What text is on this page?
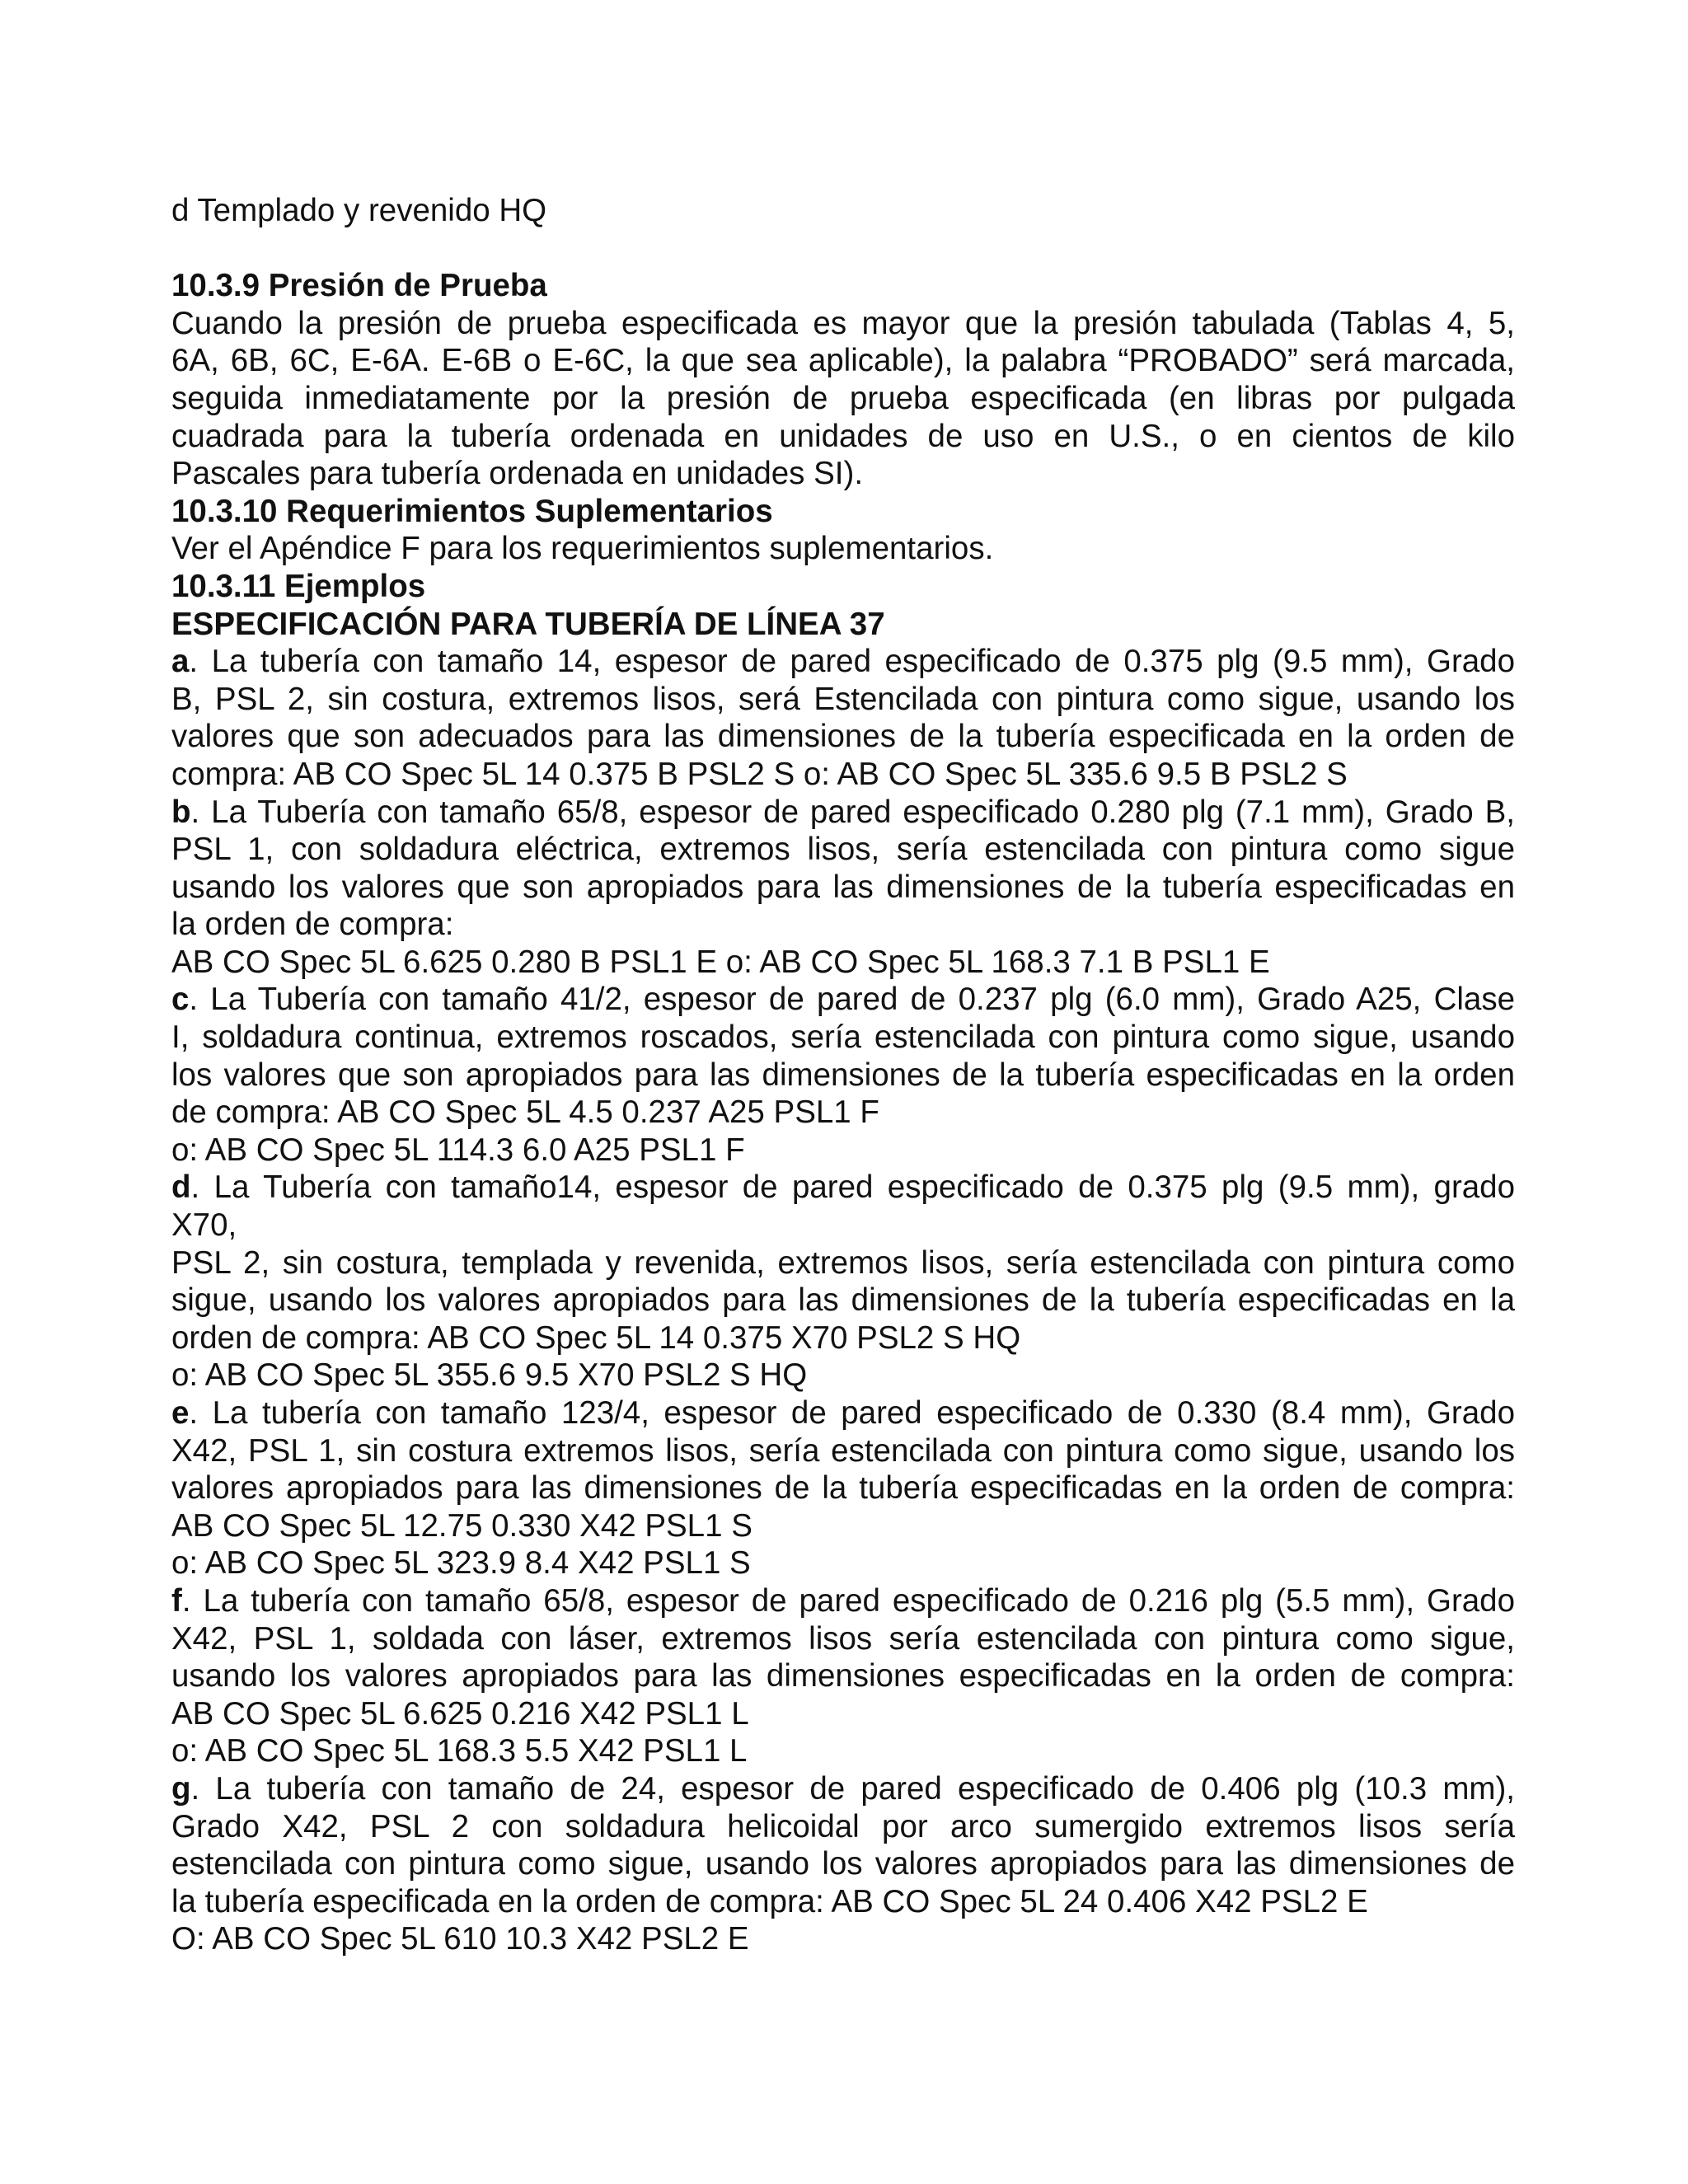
d Templado y revenido HQ
10.3.9 Presión de Prueba
Cuando la presión de prueba especificada es mayor que la presión tabulada (Tablas 4, 5,
6A, 6B, 6C, E-6A. E-6B o E-6C, la que sea aplicable), la palabra “PROBADO” será marcada,
seguida inmediatamente por la presión de prueba especificada (en libras por pulgada
cuadrada para la tubería ordenada en unidades de uso en U.S., o en cientos de kilo
Pascales para tubería ordenada en unidades SI).
10.3.10 Requerimientos Suplementarios
Ver el Apéndice F para los requerimientos suplementarios.
10.3.11 Ejemplos
ESPECIFICACIÓN PARA TUBERÍA DE LÍNEA 37
a. La tubería con tamaño 14, espesor de pared especificado de 0.375 plg (9.5 mm), Grado
B, PSL 2, sin costura, extremos lisos, será Estencilada con pintura como sigue, usando los
valores que son adecuados para las dimensiones de la tubería especificada en la orden de
compra: AB CO Spec 5L 14 0.375 B PSL2 S o: AB CO Spec 5L 335.6 9.5 B PSL2 S
b. La Tubería con tamaño 65/8, espesor de pared especificado 0.280 plg (7.1 mm), Grado B,
PSL 1, con soldadura eléctrica, extremos lisos, sería estencilada con pintura como sigue
usando los valores que son apropiados para las dimensiones de la tubería especificadas en
la orden de compra:
AB CO Spec 5L 6.625 0.280 B PSL1 E o: AB CO Spec 5L 168.3 7.1 B PSL1 E
c. La Tubería con tamaño 41/2, espesor de pared de 0.237 plg (6.0 mm), Grado A25, Clase
I, soldadura continua, extremos roscados, sería estencilada con pintura como sigue, usando
los valores que son apropiados para las dimensiones de la tubería especificadas en la orden
de compra: AB CO Spec 5L 4.5 0.237 A25 PSL1 F
o: AB CO Spec 5L 114.3 6.0 A25 PSL1 F
d. La Tubería con tamaño14, espesor de pared especificado de 0.375 plg (9.5 mm), grado
X70,
PSL 2, sin costura, templada y revenida, extremos lisos, sería estencilada con pintura como
sigue, usando los valores apropiados para las dimensiones de la tubería especificadas en la
orden de compra: AB CO Spec 5L 14 0.375 X70 PSL2 S HQ
o: AB CO Spec 5L 355.6 9.5 X70 PSL2 S HQ
e. La tubería con tamaño 123/4, espesor de pared especificado de 0.330 (8.4 mm), Grado
X42, PSL 1, sin costura extremos lisos, sería estencilada con pintura como sigue, usando los
valores apropiados para las dimensiones de la tubería especificadas en la orden de compra:
AB CO Spec 5L 12.75 0.330 X42 PSL1 S
o: AB CO Spec 5L 323.9 8.4 X42 PSL1 S
f. La tubería con tamaño 65/8, espesor de pared especificado de 0.216 plg (5.5 mm), Grado
X42, PSL 1, soldada con láser, extremos lisos sería estencilada con pintura como sigue,
usando los valores apropiados para las dimensiones especificadas en la orden de compra:
AB CO Spec 5L 6.625 0.216 X42 PSL1 L
o: AB CO Spec 5L 168.3 5.5 X42 PSL1 L
g. La tubería con tamaño de 24, espesor de pared especificado de 0.406 plg (10.3 mm),
Grado X42, PSL 2 con soldadura helicoidal por arco sumergido extremos lisos sería
estencilada con pintura como sigue, usando los valores apropiados para las dimensiones de
la tubería especificada en la orden de compra: AB CO Spec 5L 24 0.406 X42 PSL2 E
O: AB CO Spec 5L 610 10.3 X42 PSL2 E
